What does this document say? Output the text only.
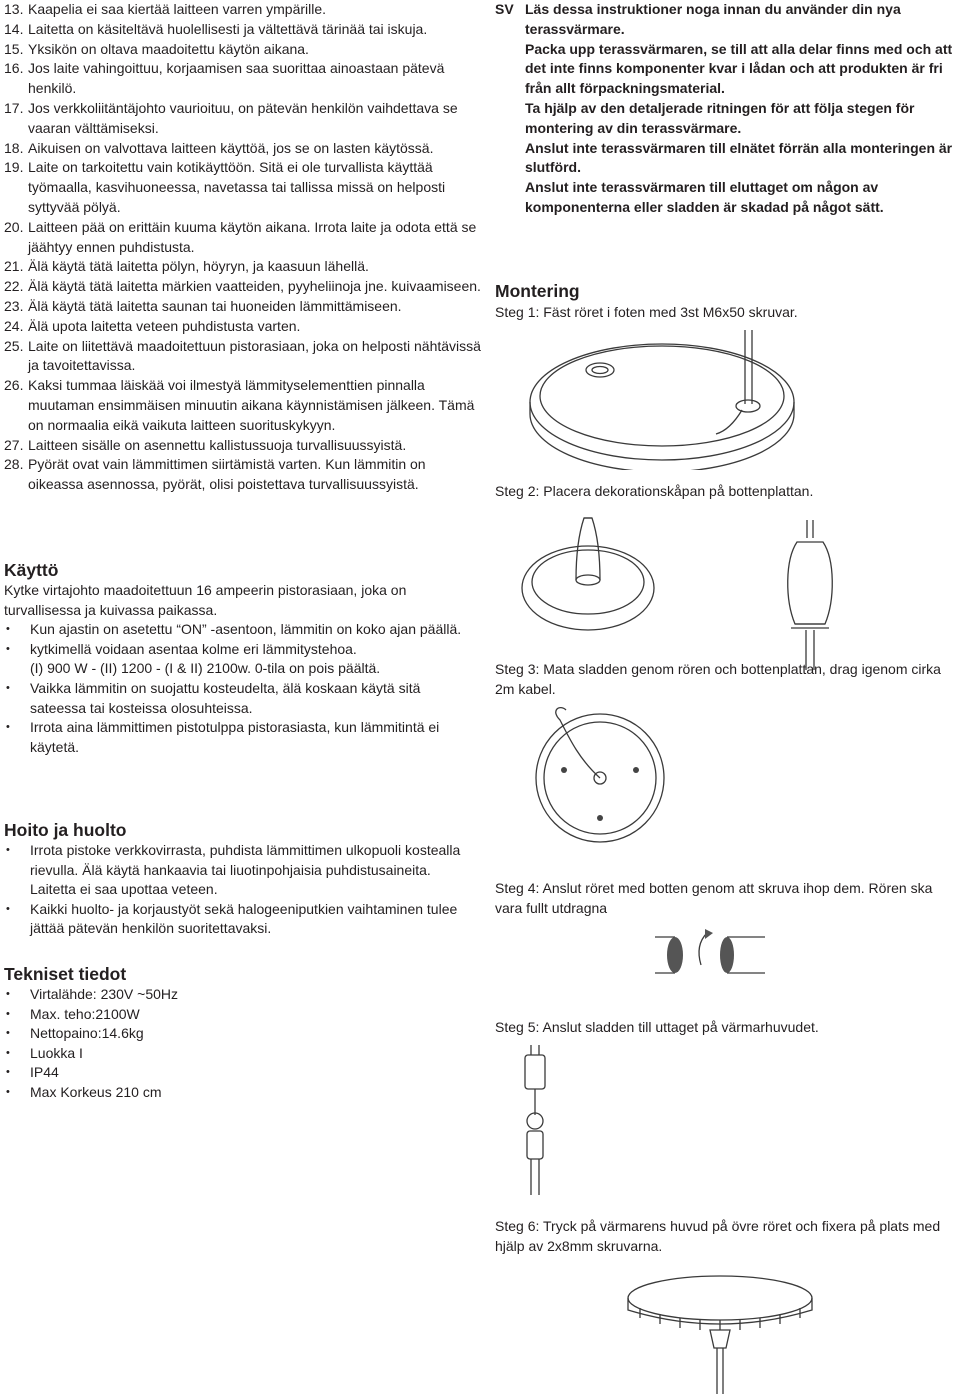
13. Kaapelia ei saa kiertää laitteen varren ympärille.
14. Laitetta on käsiteltävä huolellisesti ja vältettävä tärinää tai iskuja.
15. Yksikön on oltava maadoitettu käytön aikana.
16. Jos laite vahingoittuu, korjaamisen saa suorittaa ainoastaan pätevä henkilö.
17. Jos verkkoliitäntäjohto vaurioituu, on pätevän henkilön vaihdettava se vaaran välttämiseksi.
18. Aikuisen on valvottava laitteen käyttöä, jos se on lasten käytössä.
19. Laite on tarkoitettu vain kotikäyttöön. Sitä ei ole turvallista käyttää työmaalla, kasvihuoneessa, navetassa tai tallissa missä on helposti syttyvää pölyä.
20. Laitteen pää on erittäin kuuma käytön aikana. Irrota laite ja odota että se jäähtyy ennen puhdistusta.
21. Älä käytä tätä laitetta pölyn, höyryn, ja kaasuun lähellä.
22. Älä käytä tätä laitetta märkien vaatteiden, pyyheliinoja jne. kuivaamiseen.
23. Älä käytä tätä laitetta saunan tai huoneiden lämmittämiseen.
24. Älä upota laitetta veteen puhdistusta varten.
25. Laite on liitettävä maadoitettuun pistorasiaan, joka on helposti nähtävissä ja tavoitettavissa.
26. Kaksi tummaa läiskää voi ilmestyä lämmityselementtien pinnalla muutaman ensimmäisen minuutin aikana käynnistämisen jälkeen. Tämä on normaalia eikä vaikuta laitteen suorituskykyyn.
27. Laitteen sisälle on asennettu kallistussuoja turvallisuussyistä.
28. Pyörät ovat vain lämmittimen siirtämistä varten. Kun lämmitin on oikeassa asennossa, pyörät, olisi poistettava turvallisuussyistä.
Käyttö
Kytke virtajohto maadoitettuun 16 ampeerin pistorasiaan, joka on turvallisessa ja kuivassa paikassa.
• Kun ajastin on asetettu “ON” -asentoon, lämmitin on koko ajan päällä.
• kytkimellä voidaan asentaa kolme eri lämmitystehoa.
(I) 900 W - (II) 1200 - (I & II) 2100w. 0-tila on pois päältä.
• Vaikka lämmitin on suojattu kosteudelta, älä koskaan käytä sitä sateessa tai kosteissa olosuhteissa.
• Irrota aina lämmittimen pistotulppa pistorasiasta, kun lämmitintä ei käytetä.
Hoito ja huolto
• Irrota pistoke verkkovirrasta, puhdista lämmittimen ulkopuoli kostealla rievulla. Älä käytä hankaavia tai liuotinpohjaisia puhdistusaineita. Laitetta ei saa upottaa veteen.
• Kaikki huolto- ja korjaustyöt sekä halogeeniputkien vaihtaminen tulee jättää pätevän henkilön suoritettavaksi.
Tekniset tiedot
• Virtalähde: 230V ~50Hz
• Max. teho:2100W
• Nettopaino:14.6kg
• Luokka I
• IP44
• Max Korkeus 210 cm
SV Läs dessa instruktioner noga innan du använder din nya terassvärmare.
Packa upp terassvärmaren, se till att alla delar finns med och att det inte finns komponenter kvar i lådan och att produkten är fri från allt förpackningsmaterial.
Ta hjälp av den detaljerade ritningen för att följa stegen för montering av din terassvärmare.
Anslut inte terassvärmaren till elnätet förrän alla monteringen är slutförd.
Anslut inte terassvärmaren till eluttaget om någon av komponenterna eller sladden är skadad på något sätt.
Montering
Steg 1: Fäst röret i foten med 3st M6x50 skruvar.
Steg 2: Placera dekorationskåpan på bottenplattan.
Steg 3: Mata sladden genom rören och bottenplattan, drag igenom cirka 2m kabel.
Steg 4: Anslut röret med botten genom att skruva ihop dem. Rören ska vara fullt utdragna
Steg 5: Anslut sladden till uttaget på värmarhuvudet.
Steg 6: Tryck på värmarens huvud på övre röret och fixera på plats med hjälp av 2x8mm skruvarna.
